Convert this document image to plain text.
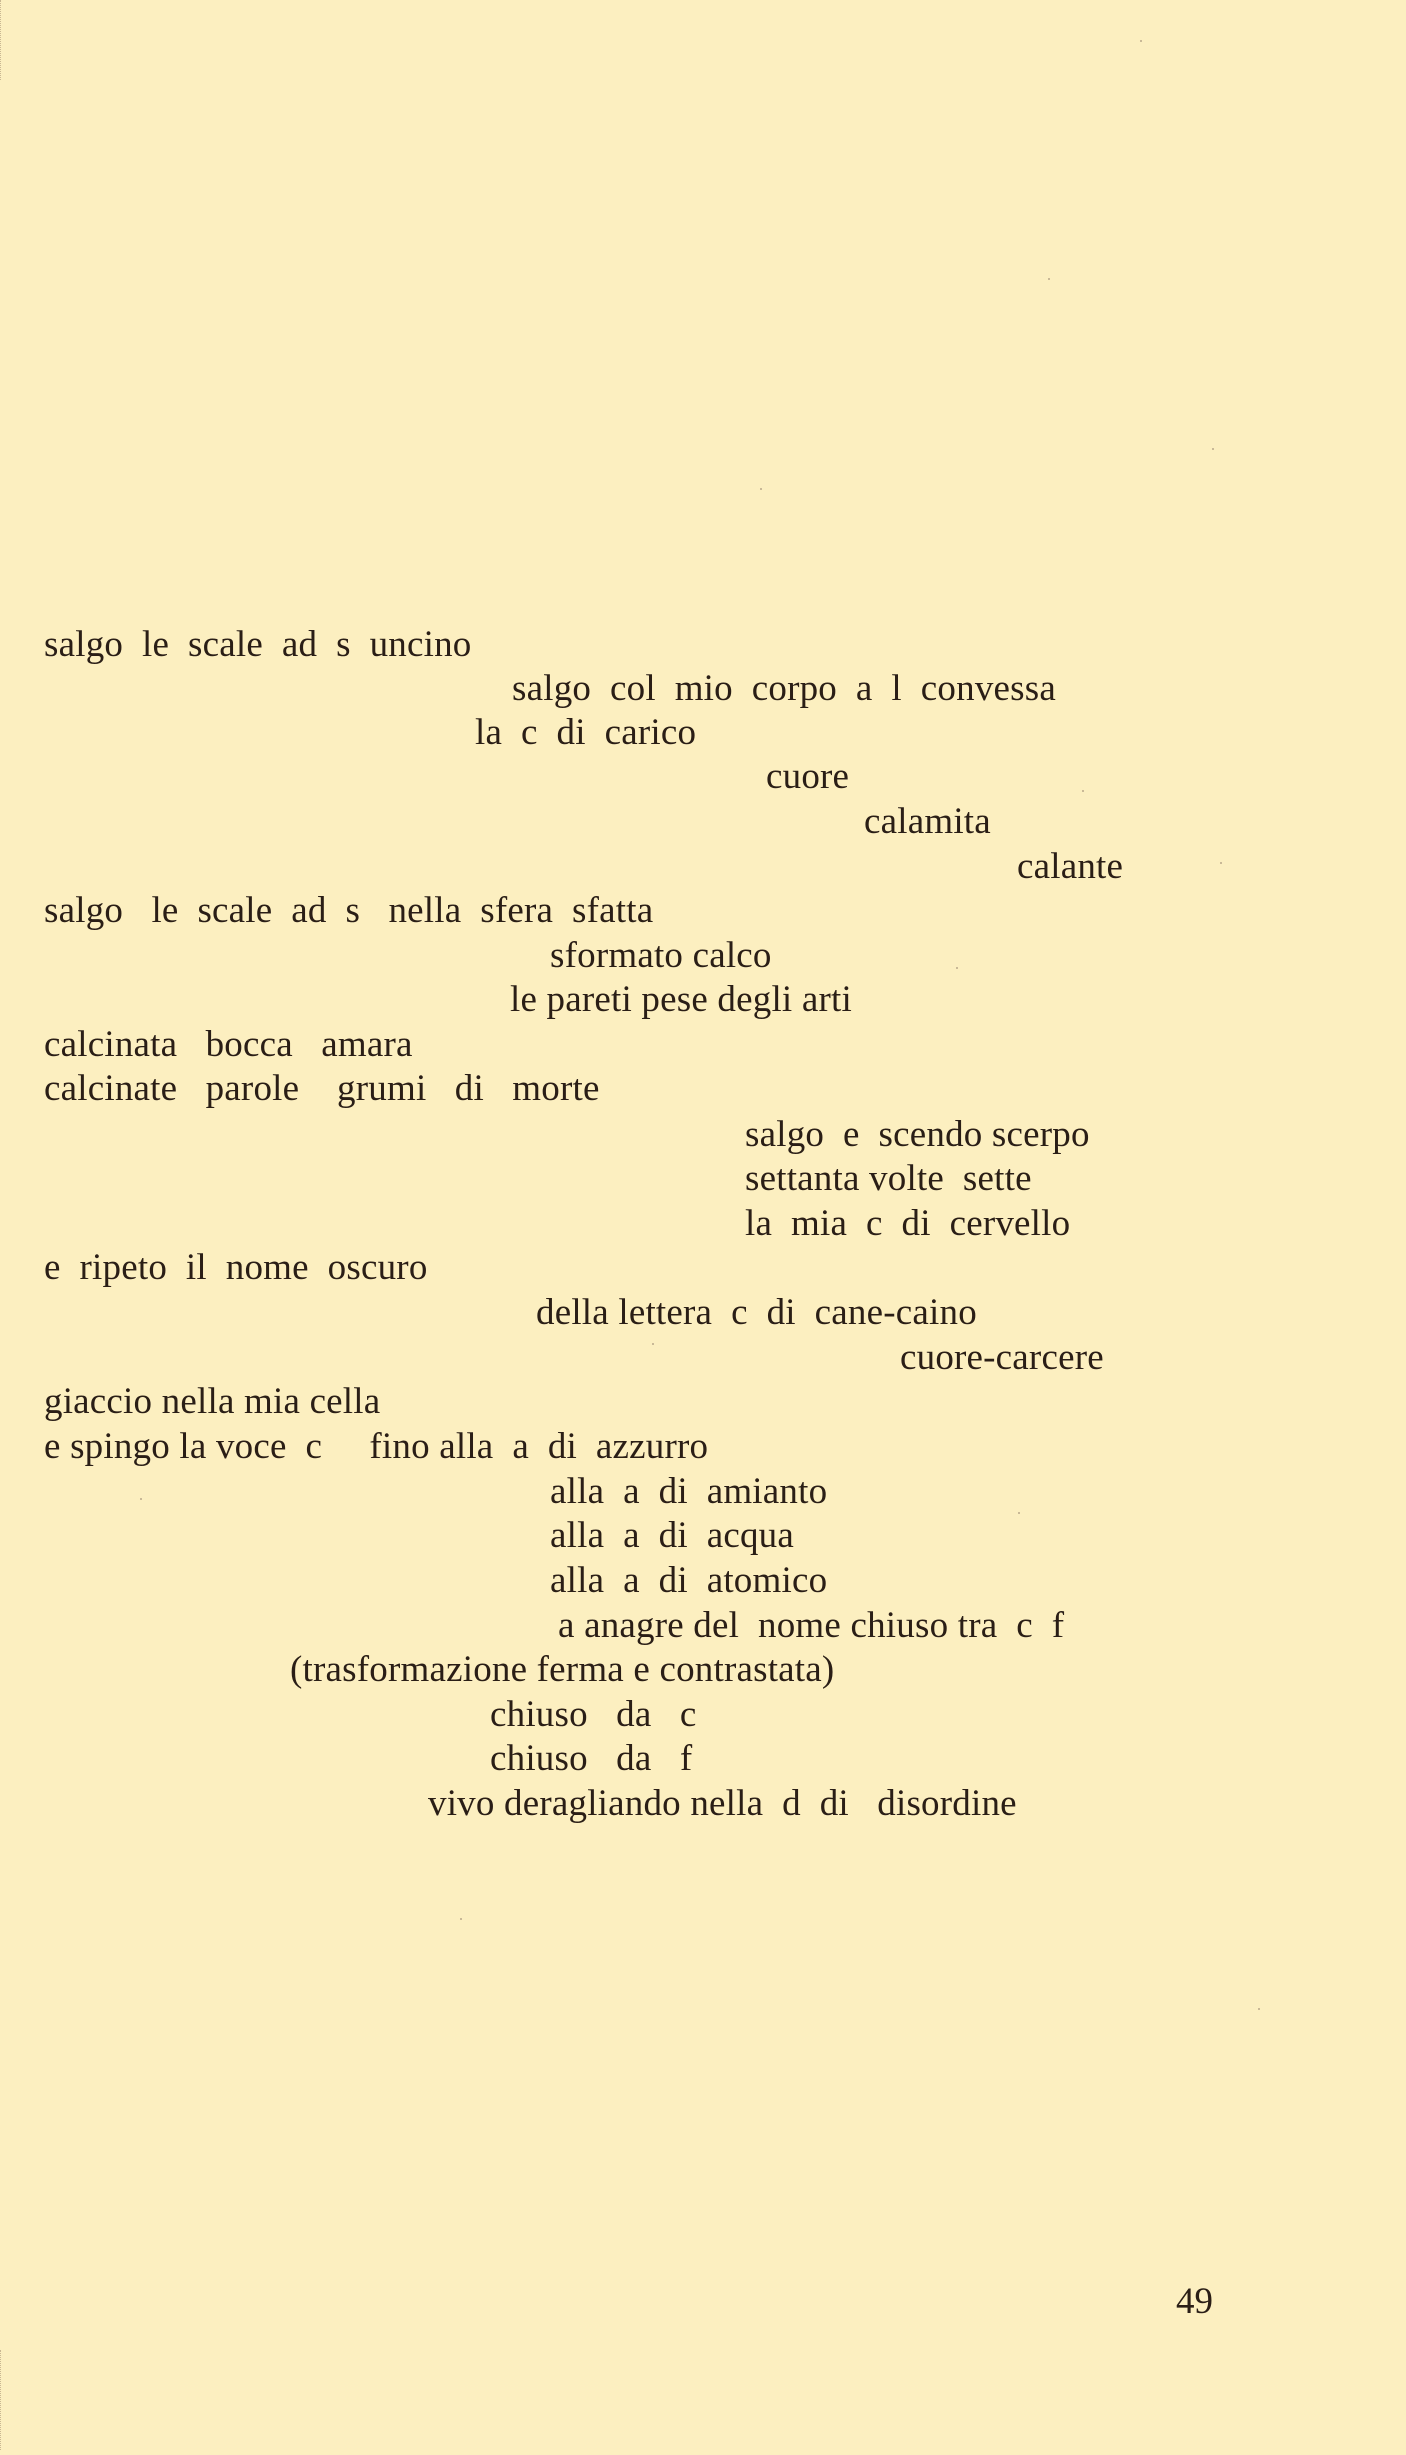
salgo  le  scale  ad  s  uncino
salgo  col  mio  corpo  a  l  convessa
la  c  di  carico
cuore
calamita
calante
salgo   le  scale  ad  s   nella  sfera  sfatta
sformato calco
le pareti pese degli arti
calcinata   bocca   amara
calcinate   parole    grumi   di   morte
salgo  e  scendo scerpo
settanta volte  sette
la  mia  c  di  cervello
e  ripeto  il  nome  oscuro
della lettera  c  di  cane-caino
cuore-carcere
giaccio nella mia cella
e spingo la voce  c     fino alla  a  di  azzurro
alla  a  di  amianto
alla  a  di  acqua
alla  a  di  atomico
a anagre del  nome chiuso tra  c  f
(trasformazione ferma e contrastata)
chiuso   da   c
chiuso   da   f
vivo deragliando nella  d  di   disordine
49
